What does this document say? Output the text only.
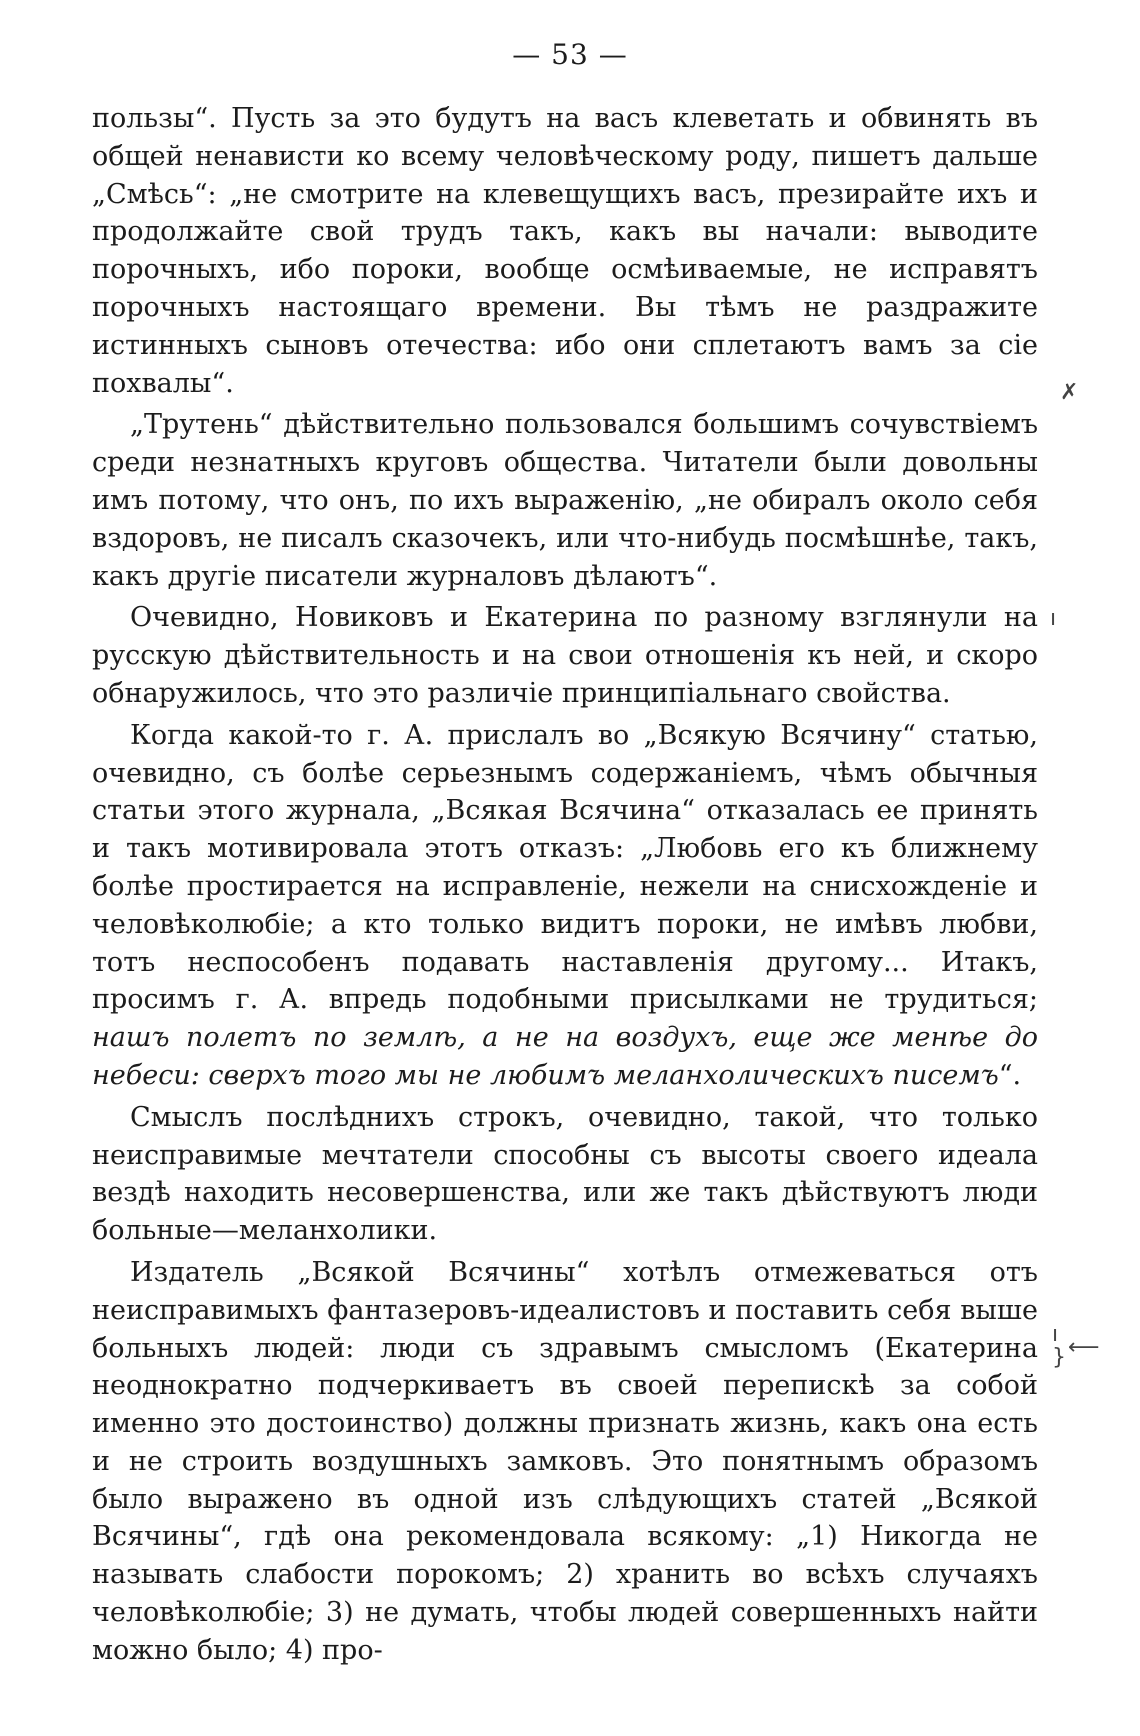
— 53 —

пользы“. Пусть за это будутъ на васъ клеветать и обвинять въ общей ненависти ко всему человѣческому роду, пишетъ дальше „Смѣсь“: „не смотрите на клевещущихъ васъ, презирайте ихъ и продолжайте свой трудъ такъ, какъ вы начали: выводите порочныхъ, ибо пороки, вообще осмѣиваемые, не исправятъ порочныхъ настоящаго времени. Вы тѣмъ не раздражите истинныхъ сыновъ отечества: ибо они сплетаютъ вамъ за сіе похвалы“.

„Трутень“ дѣйствительно пользовался большимъ сочувствіемъ среди незнатныхъ круговъ общества. Читатели были довольны имъ потому, что онъ, по ихъ выраженію, „не обиралъ около себя вздоровъ, не писалъ сказочекъ, или что-нибудь посмѣшнѣе, такъ, какъ другіе писатели журналовъ дѣлаютъ“.

Очевидно, Новиковъ и Екатерина по разному взглянули на русскую дѣйствительность и на свои отношенія къ ней, и скоро обнаружилось, что это различіе принципіальнаго свойства.

Когда какой-то г. А. прислалъ во „Всякую Всячину“ статью, очевидно, съ болѣе серьезнымъ содержаніемъ, чѣмъ обычныя статьи этого журнала, „Всякая Всячина“ отказалась ее принять и такъ мотивировала этотъ отказъ: „Любовь его къ ближнему болѣе простирается на исправленіе, нежели на снисхожденіе и человѣколюбіе; а кто только видитъ пороки, не имѣвъ любви, тотъ неспособенъ подавать наставленія другому... Итакъ, просимъ г. А. впредь подобными присылками не трудиться; нашъ полетъ по землѣ, а не на воздухъ, еще же менѣе до небеси: сверхъ того мы не любимъ меланхолическихъ писемъ“.

Смыслъ послѣднихъ строкъ, очевидно, такой, что только неисправимые мечтатели способны съ высоты своего идеала вездѣ находить несовершенства, или же такъ дѣйствуютъ люди больные—меланхолики.

Издатель „Всякой Всячины“ хотѣлъ отмежеваться отъ неисправимыхъ фантазеровъ-идеалистовъ и поставить себя выше больныхъ людей: люди съ здравымъ смысломъ (Екатерина неоднократно подчеркиваетъ въ своей перепискѣ за собой именно это достоинство) должны признать жизнь, какъ она есть и не строить воздушныхъ замковъ. Это понятнымъ образомъ было выражено въ одной изъ слѣдующихъ статей „Всякой Всячины“, гдѣ она рекомендовала всякому: „1) Никогда не называть слабости порокомъ; 2) хранить во всѣхъ случаяхъ человѣколюбіе; 3) не думать, чтобы людей совершенныхъ найти можно было; 4) про-

✗
ı
ı
} ⟵
